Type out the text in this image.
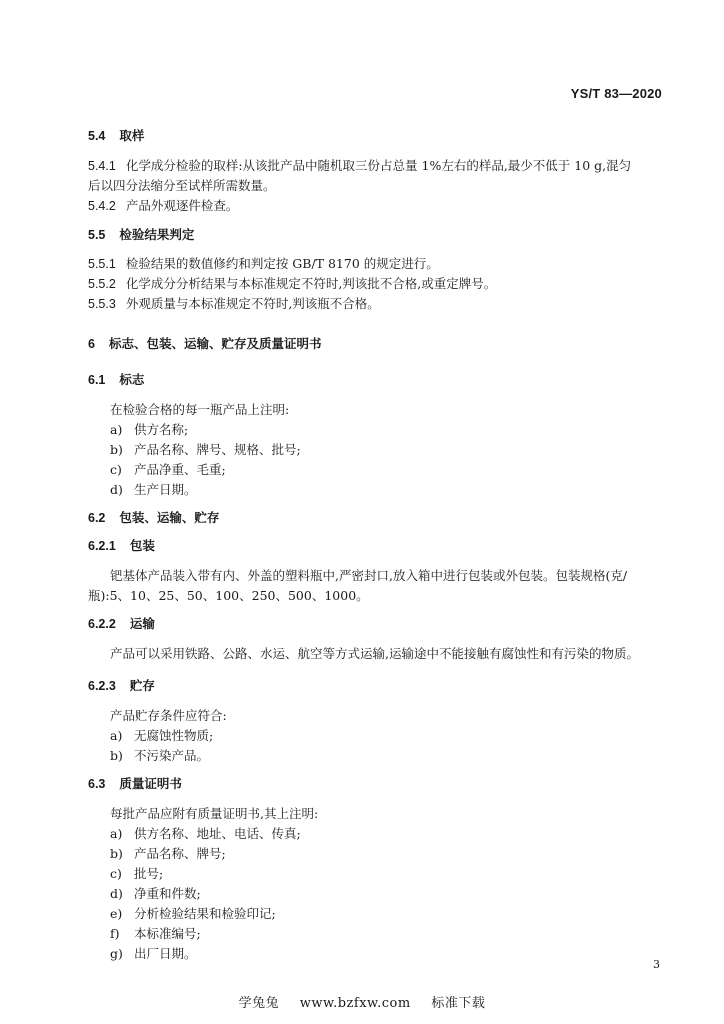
YS/T 83—2020
5.4 取样
5.4.1 化学成分检验的取样:从该批产品中随机取三份占总量 1%左右的样品,最少不低于 10 g,混匀
后以四分法缩分至试样所需数量。
5.4.2 产品外观逐件检查。
5.5 检验结果判定
5.5.1 检验结果的数值修约和判定按 GB/T 8170 的规定进行。
5.5.2 化学成分分析结果与本标准规定不符时,判该批不合格,或重定牌号。
5.5.3 外观质量与本标准规定不符时,判该瓶不合格。
6 标志、包装、运输、贮存及质量证明书
6.1 标志
在检验合格的每一瓶产品上注明:
a) 供方名称;
b) 产品名称、牌号、规格、批号;
c) 产品净重、毛重;
d) 生产日期。
6.2 包装、运输、贮存
6.2.1 包装
钯基体产品装入带有内、外盖的塑料瓶中,严密封口,放入箱中进行包装或外包装。包装规格(克/
瓶):5、10、25、50、100、250、500、1000。
6.2.2 运输
产品可以采用铁路、公路、水运、航空等方式运输,运输途中不能接触有腐蚀性和有污染的物质。
6.2.3 贮存
产品贮存条件应符合:
a) 无腐蚀性物质;
b) 不污染产品。
6.3 质量证明书
每批产品应附有质量证明书,其上注明:
a) 供方名称、地址、电话、传真;
b) 产品名称、牌号;
c) 批号;
d) 净重和件数;
e) 分析检验结果和检验印记;
f) 本标准编号;
g) 出厂日期。
3
学兔兔 www.bzfxw.com 标准下载
